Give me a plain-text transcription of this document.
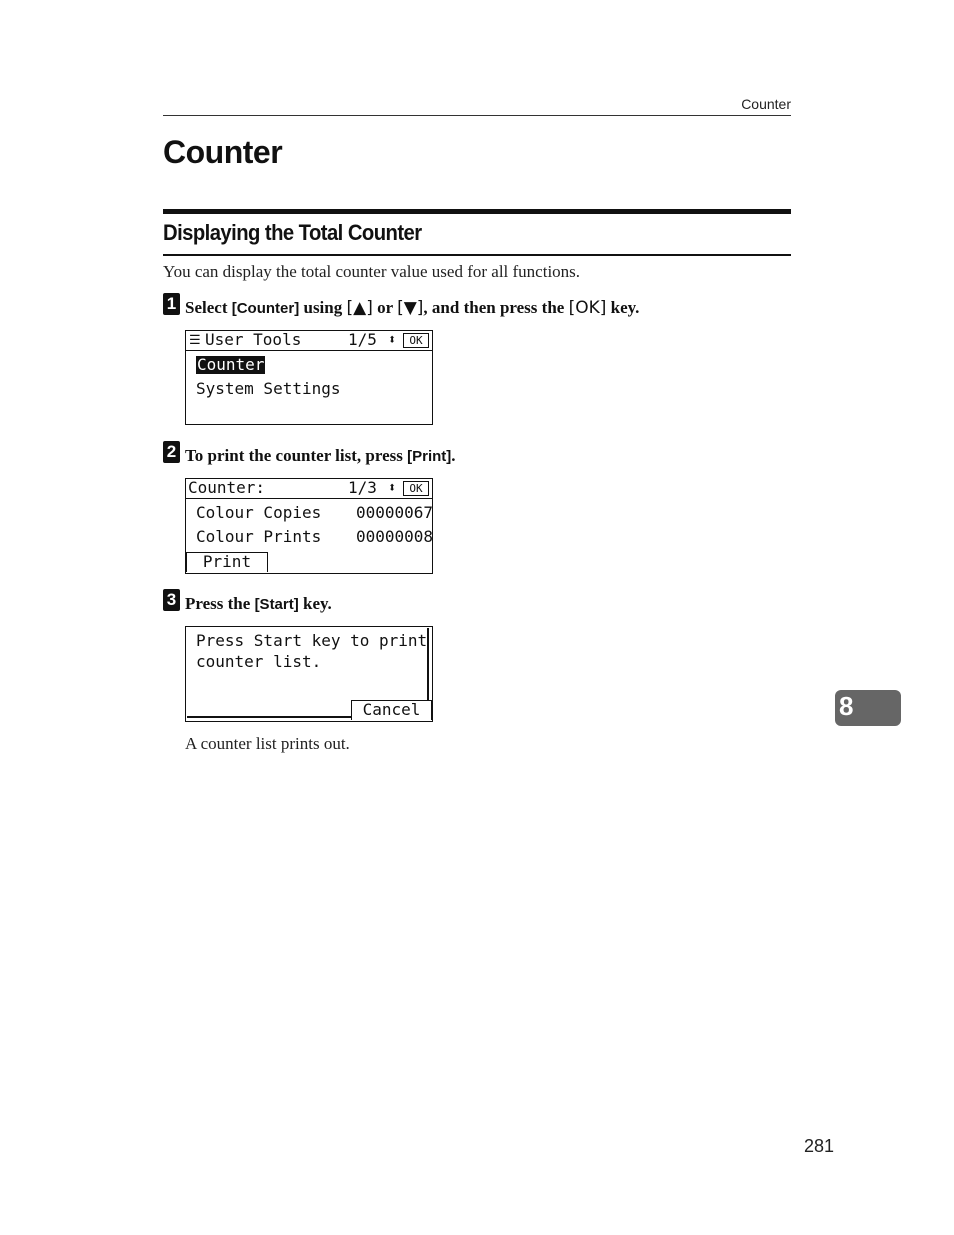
Counter
Counter
Displaying the Total Counter
You can display the total counter value used for all functions.
1 Select [Counter] using [▲] or [▼], and then press the [OK] key.
☰ User Tools	1/5 ⬍	OK
Counter
System Settings
2 To print the counter list, press [Print].
Counter:	1/3 ⬍	OK
Colour Copies 00000067
Colour Prints 00000008
Print
3 Press the [Start] key.
Press Start key to print
counter list.
Cancel
A counter list prints out.
8
281
